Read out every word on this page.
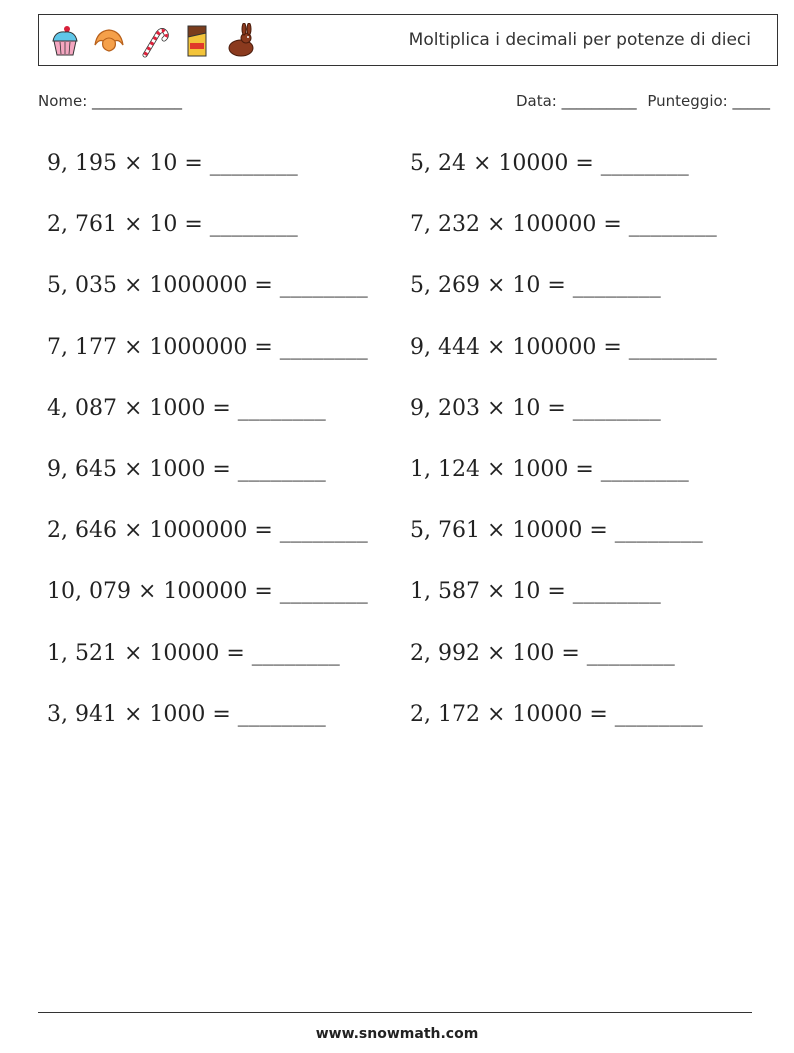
Moltiplica i decimali per potenze di dieci
Nome: ____________	Data: __________ Punteggio: _____
9, 195 × 10 = ________	5, 24 × 10000 = ________
2, 761 × 10 = ________	7, 232 × 100000 = ________
5, 035 × 1000000 = ________ 5, 269 × 10 = ________
7, 177 × 1000000 = ________ 9, 444 × 100000 = ________
4, 087 × 1000 = ________	9, 203 × 10 = ________
9, 645 × 1000 = ________	1, 124 × 1000 = ________
2, 646 × 1000000 = ________ 5, 761 × 10000 = ________
10, 079 × 100000 = ________ 1, 587 × 10 = ________
1, 521 × 10000 = ________	2, 992 × 100 = ________
3, 941 × 1000 = ________	2, 172 × 10000 = ________
www.snowmath.com
